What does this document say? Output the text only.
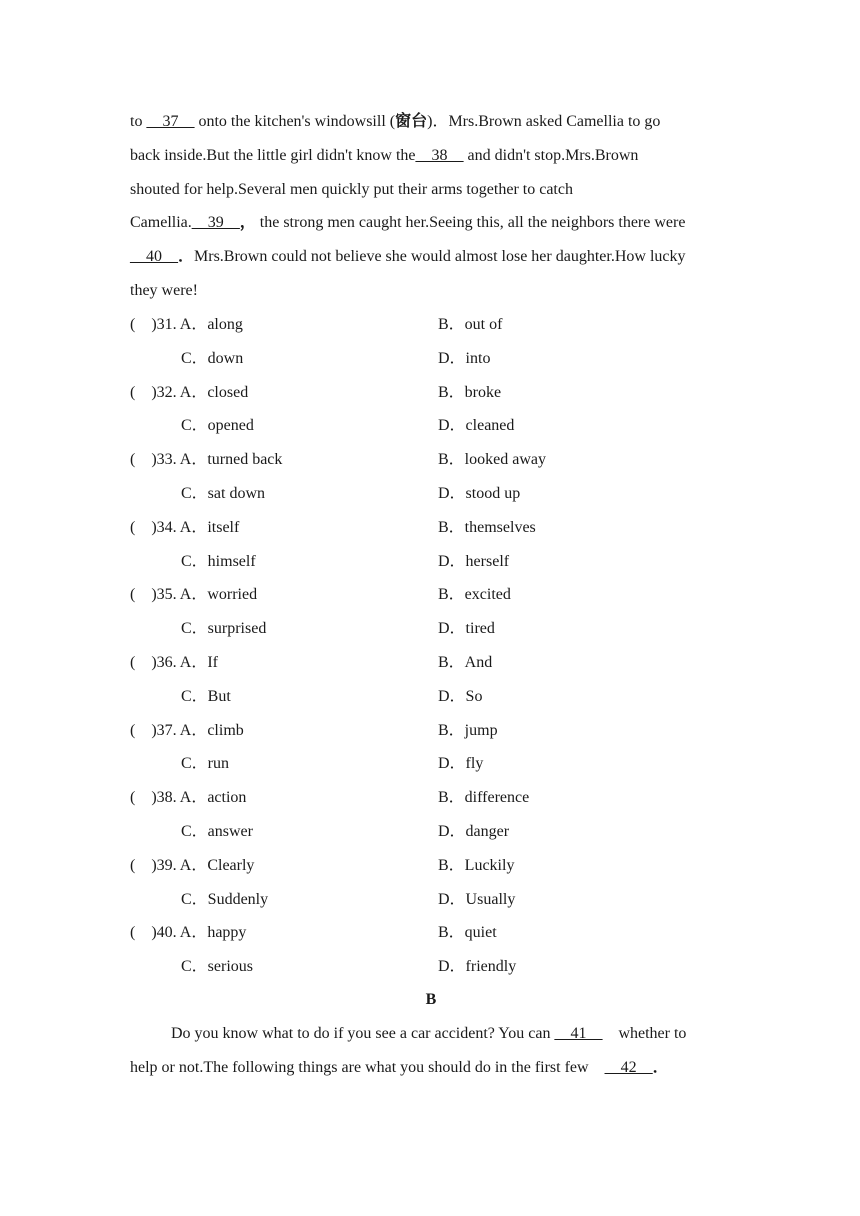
to __37__ onto the kitchen's windowsill (窗台)．Mrs.Brown asked Camellia to go
back inside.But the little girl didn't know the__38__ and didn't stop.Mrs.Brown
shouted for help.Several men quickly put their arms together to catch
Camellia.__39__， the strong men caught her.Seeing this, all the neighbors there were
__40__．Mrs.Brown could not believe she would almost lose her daughter.How lucky
they were!
(　)31. A．along	B．out of
C．down	D．into
(　)32. A．closed	B．broke
C．opened	D．cleaned
(　)33. A．turned back	B．looked away
C．sat down	D．stood up
(　)34. A．itself	B．themselves
C．himself	D．herself
(　)35. A．worried	B．excited
C．surprised	D．tired
(　)36. A．If	B．And
C．But	D．So
(　)37. A．climb	B．jump
C．run	D．fly
(　)38. A．action	B．difference
C．answer	D．danger
(　)39. A．Clearly	B．Luckily
C．Suddenly	D．Usually
(　)40. A．happy	B．quiet
C．serious	D．friendly
B
Do you know what to do if you see a car accident? You can __41__　whether to
help or not.The following things are what you should do in the first few　__42__．
